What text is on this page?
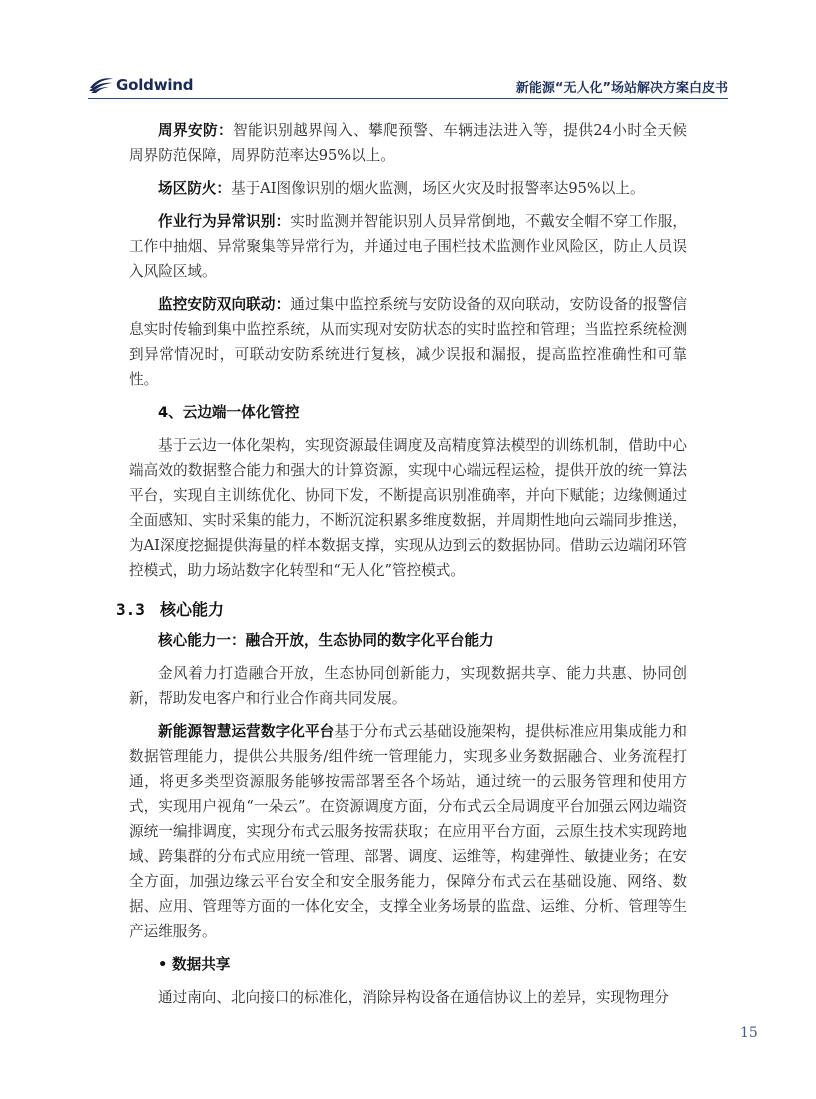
Goldwind	新能源“无人化”场站解决方案白皮书

周界安防：智能识别越界闯入、攀爬预警、车辆违法进入等，提供24小时全天候周界防范保障，周界防范率达95%以上。

场区防火：基于AI图像识别的烟火监测，场区火灾及时报警率达95%以上。

作业行为异常识别：实时监测并智能识别人员异常倒地，不戴安全帽不穿工作服，工作中抽烟、异常聚集等异常行为，并通过电子围栏技术监测作业风险区，防止人员误入风险区域。

监控安防双向联动：通过集中监控系统与安防设备的双向联动，安防设备的报警信息实时传输到集中监控系统，从而实现对安防状态的实时监控和管理；当监控系统检测到异常情况时，可联动安防系统进行复核，减少误报和漏报，提高监控准确性和可靠性。

4、云边端一体化管控

基于云边一体化架构，实现资源最佳调度及高精度算法模型的训练机制，借助中心端高效的数据整合能力和强大的计算资源，实现中心端远程运检，提供开放的统一算法平台，实现自主训练优化、协同下发，不断提高识别准确率，并向下赋能；边缘侧通过全面感知、实时采集的能力，不断沉淀积累多维度数据，并周期性地向云端同步推送，为AI深度挖掘提供海量的样本数据支撑，实现从边到云的数据协同。借助云边端闭环管控模式，助力场站数字化转型和“无人化”管控模式。

3.3 核心能力
核心能力一：融合开放，生态协同的数字化平台能力

金风着力打造融合开放，生态协同创新能力，实现数据共享、能力共惠、协同创新，帮助发电客户和行业合作商共同发展。

新能源智慧运营数字化平台基于分布式云基础设施架构，提供标准应用集成能力和数据管理能力，提供公共服务/组件统一管理能力，实现多业务数据融合、业务流程打通，将更多类型资源服务能够按需部署至各个场站，通过统一的云服务管理和使用方式，实现用户视角“一朵云”。在资源调度方面，分布式云全局调度平台加强云网边端资源统一编排调度，实现分布式云服务按需获取；在应用平台方面，云原生技术实现跨地域、跨集群的分布式应用统一管理、部署、调度、运维等，构建弹性、敏捷业务；在安全方面，加强边缘云平台安全和安全服务能力，保障分布式云在基础设施、网络、数据、应用、管理等方面的一体化安全，支撑全业务场景的监盘、运维、分析、管理等生产运维服务。

• 数据共享

通过南向、北向接口的标准化，消除异构设备在通信协议上的差异，实现物理分

15
